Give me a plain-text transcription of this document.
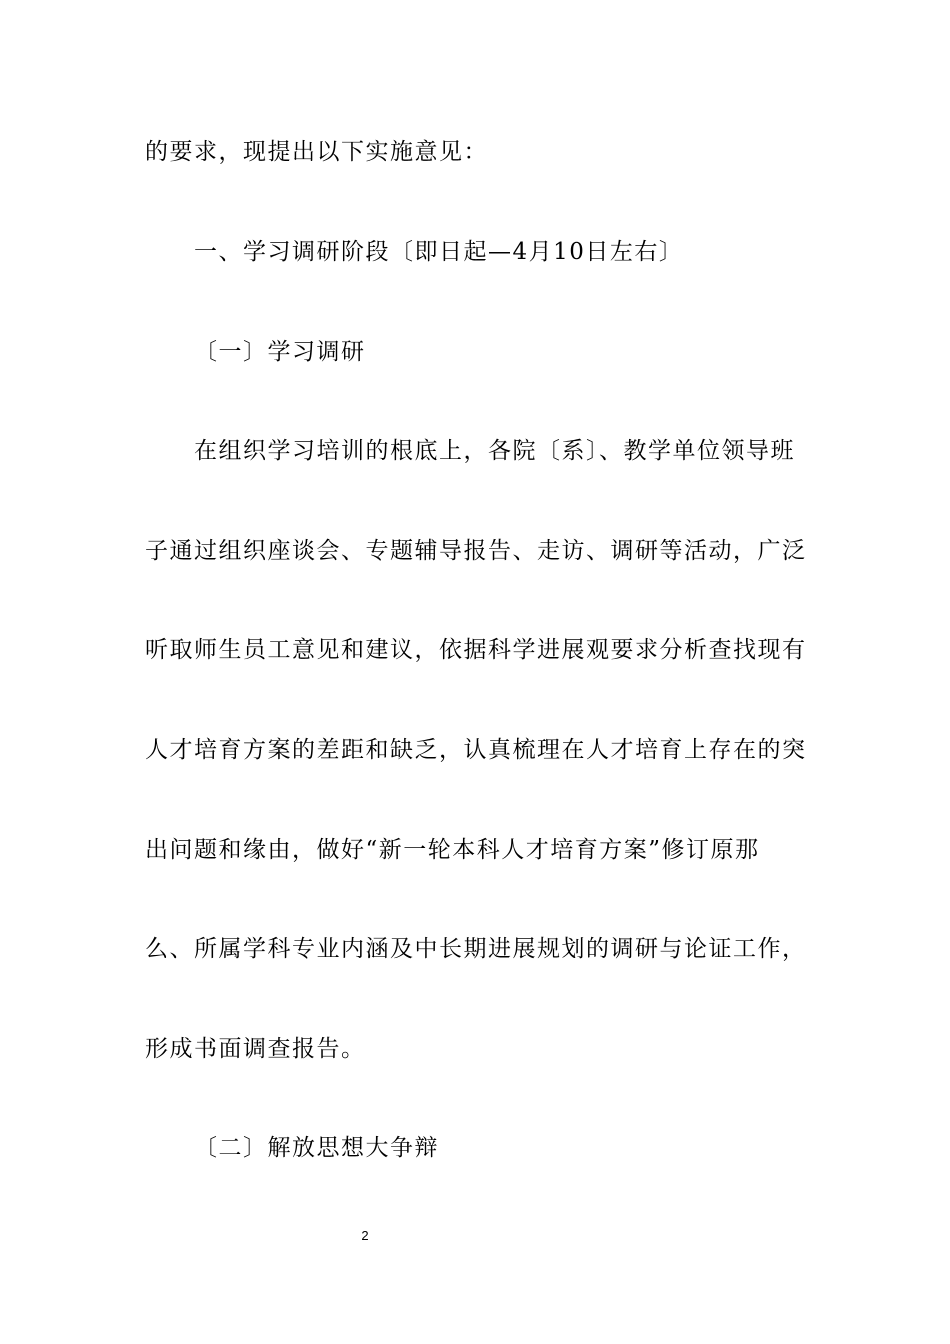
的要求，现提出以下实施意见：
一、学习调研阶段〔即日起—4月10日左右〕
〔一〕学习调研
在组织学习培训的根底上，各院〔系〕、教学单位领导班
子通过组织座谈会、专题辅导报告、走访、调研等活动，广泛
听取师生员工意见和建议，依据科学进展观要求分析查找现有
人才培育方案的差距和缺乏，认真梳理在人才培育上存在的突
出问题和缘由，做好“新一轮本科人才培育方案”修订原那
么、所属学科专业内涵及中长期进展规划的调研与论证工作，
形成书面调查报告。
〔二〕解放思想大争辩
2
